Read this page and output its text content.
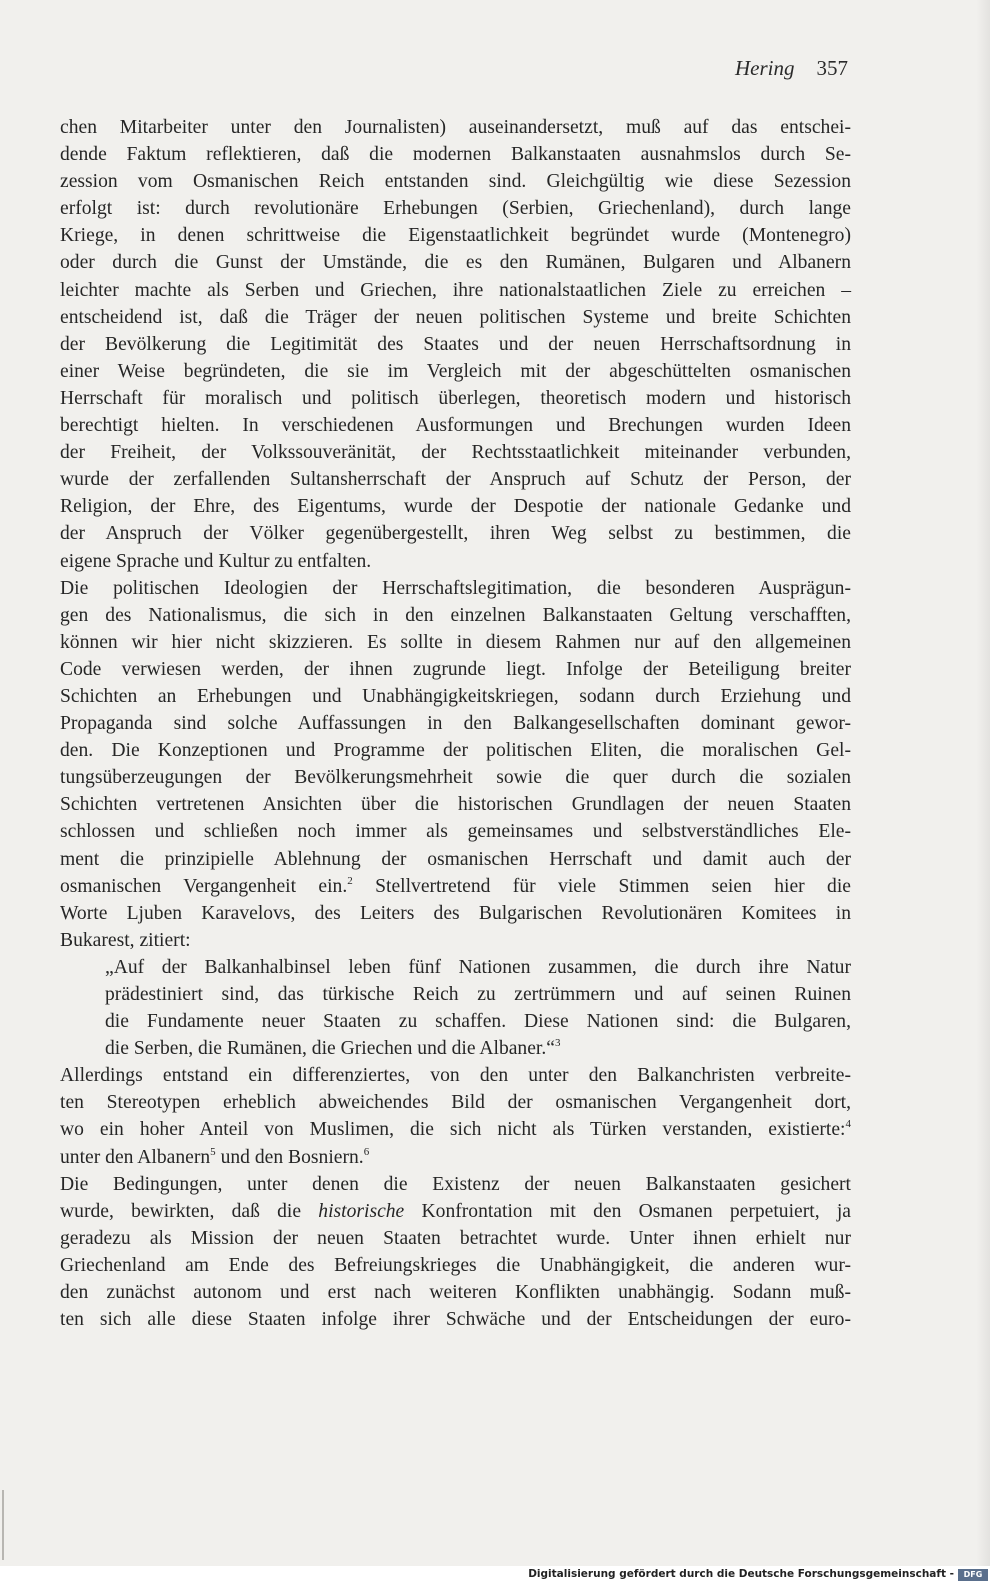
Hering 357
chen Mitarbeiter unter den Journalisten) auseinandersetzt, muß auf das entschei-
dende Faktum reflektieren, daß die modernen Balkanstaaten ausnahmslos durch Se-
zession vom Osmanischen Reich entstanden sind. Gleichgültig wie diese Sezession
erfolgt ist: durch revolutionäre Erhebungen (Serbien, Griechenland), durch lange
Kriege, in denen schrittweise die Eigenstaatlichkeit begründet wurde (Montenegro)
oder durch die Gunst der Umstände, die es den Rumänen, Bulgaren und Albanern
leichter machte als Serben und Griechen, ihre nationalstaatlichen Ziele zu erreichen –
entscheidend ist, daß die Träger der neuen politischen Systeme und breite Schichten
der Bevölkerung die Legitimität des Staates und der neuen Herrschaftsordnung in
einer Weise begründeten, die sie im Vergleich mit der abgeschüttelten osmanischen
Herrschaft für moralisch und politisch überlegen, theoretisch modern und historisch
berechtigt hielten. In verschiedenen Ausformungen und Brechungen wurden Ideen
der Freiheit, der Volkssouveränität, der Rechtsstaatlichkeit miteinander verbunden,
wurde der zerfallenden Sultansherrschaft der Anspruch auf Schutz der Person, der
Religion, der Ehre, des Eigentums, wurde der Despotie der nationale Gedanke und
der Anspruch der Völker gegenübergestellt, ihren Weg selbst zu bestimmen, die
eigene Sprache und Kultur zu entfalten.
Die politischen Ideologien der Herrschaftslegitimation, die besonderen Ausprägun-
gen des Nationalismus, die sich in den einzelnen Balkanstaaten Geltung verschafften,
können wir hier nicht skizzieren. Es sollte in diesem Rahmen nur auf den allgemeinen
Code verwiesen werden, der ihnen zugrunde liegt. Infolge der Beteiligung breiter
Schichten an Erhebungen und Unabhängigkeitskriegen, sodann durch Erziehung und
Propaganda sind solche Auffassungen in den Balkangesellschaften dominant gewor-
den. Die Konzeptionen und Programme der politischen Eliten, die moralischen Gel-
tungsüberzeugungen der Bevölkerungsmehrheit sowie die quer durch die sozialen
Schichten vertretenen Ansichten über die historischen Grundlagen der neuen Staaten
schlossen und schließen noch immer als gemeinsames und selbstverständliches Ele-
ment die prinzipielle Ablehnung der osmanischen Herrschaft und damit auch der
osmanischen Vergangenheit ein.$^2$ Stellvertretend für viele Stimmen seien hier die
Worte Ljuben Karavelovs, des Leiters des Bulgarischen Revolutionären Komitees in
Bukarest, zitiert:
„Auf der Balkanhalbinsel leben fünf Nationen zusammen, die durch ihre Natur
prädestiniert sind, das türkische Reich zu zertrümmern und auf seinen Ruinen
die Fundamente neuer Staaten zu schaffen. Diese Nationen sind: die Bulgaren,
die Serben, die Rumänen, die Griechen und die Albaner.“$^3$
Allerdings entstand ein differenziertes, von den unter den Balkanchristen verbreite-
ten Stereotypen erheblich abweichendes Bild der osmanischen Vergangenheit dort,
wo ein hoher Anteil von Muslimen, die sich nicht als Türken verstanden, existierte:$^4$
unter den Albanern$^5$ und den Bosniern.$^6$
Die Bedingungen, unter denen die Existenz der neuen Balkanstaaten gesichert
wurde, bewirkten, daß die historische Konfrontation mit den Osmanen perpetuiert, ja
geradezu als Mission der neuen Staaten betrachtet wurde. Unter ihnen erhielt nur
Griechenland am Ende des Befreiungskrieges die Unabhängigkeit, die anderen wur-
den zunächst autonom und erst nach weiteren Konflikten unabhängig. Sodann muß-
ten sich alle diese Staaten infolge ihrer Schwäche und der Entscheidungen der euro-
Digitalisierung gefördert durch die Deutsche Forschungsgemeinschaft -	DFG
